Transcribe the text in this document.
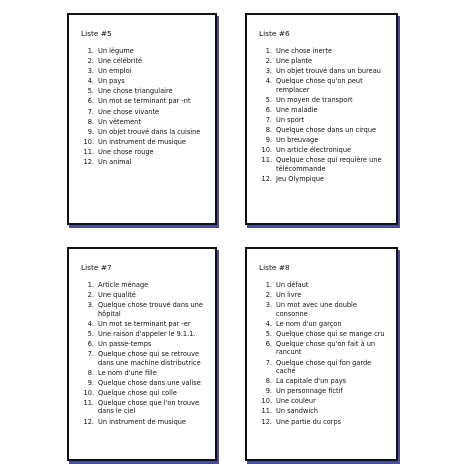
Liste #5
1. Un légume
2. Une célébrité
3. Un emploi
4. Un pays
5. Une chose triangulaire
6. Un mot se terminant par -nt
7. Une chose vivante
8. Un vêtement
9. Un objet trouvé dans la cuisine
10. Un instrument de musique
11. Une chose rouge
12. Un animal
Liste #6
1. Une chose inerte
2. Une plante
3. Un objet trouvé dans un bureau
4. Quelque chose qu'on peut remplacer
5. Un moyen de transport
6. Une maladie
7. Un sport
8. Quelque chose dans un cirque
9. Un breuvage
10. Un article électronique
11. Quelque chose qui requière une télécommande
12. Jeu Olympique
Liste #7
1. Article ménage
2. Une qualité
3. Quelque chose trouvé dans une hôpital
4. Un mot se terminant par -er
5. Une raison d'appeler le 9.1.1.
6. Un passe-temps
7. Quelque chose qui se retrouve dans une machine distributrice
8. Le nom d'une fille
9. Quelque chose dans une valise
10. Quelque chose qui colle
11. Quelque chose que l'on trouve dans le ciel
12. Un instrument de musique
Liste #8
1. Un défaut
2. Un livre
3. Un mot avec une double consonne
4. Le nom d'un garçon
5. Quelque chose qui se mange cru
6. Quelque chose qu'on fait à un rancunt
7. Quelque chose qui fon garde caché
8. La capitale d'un pays
9. Un personnage fictif
10. Une couleur
11. Un sandwich
12. Une partie du corps
